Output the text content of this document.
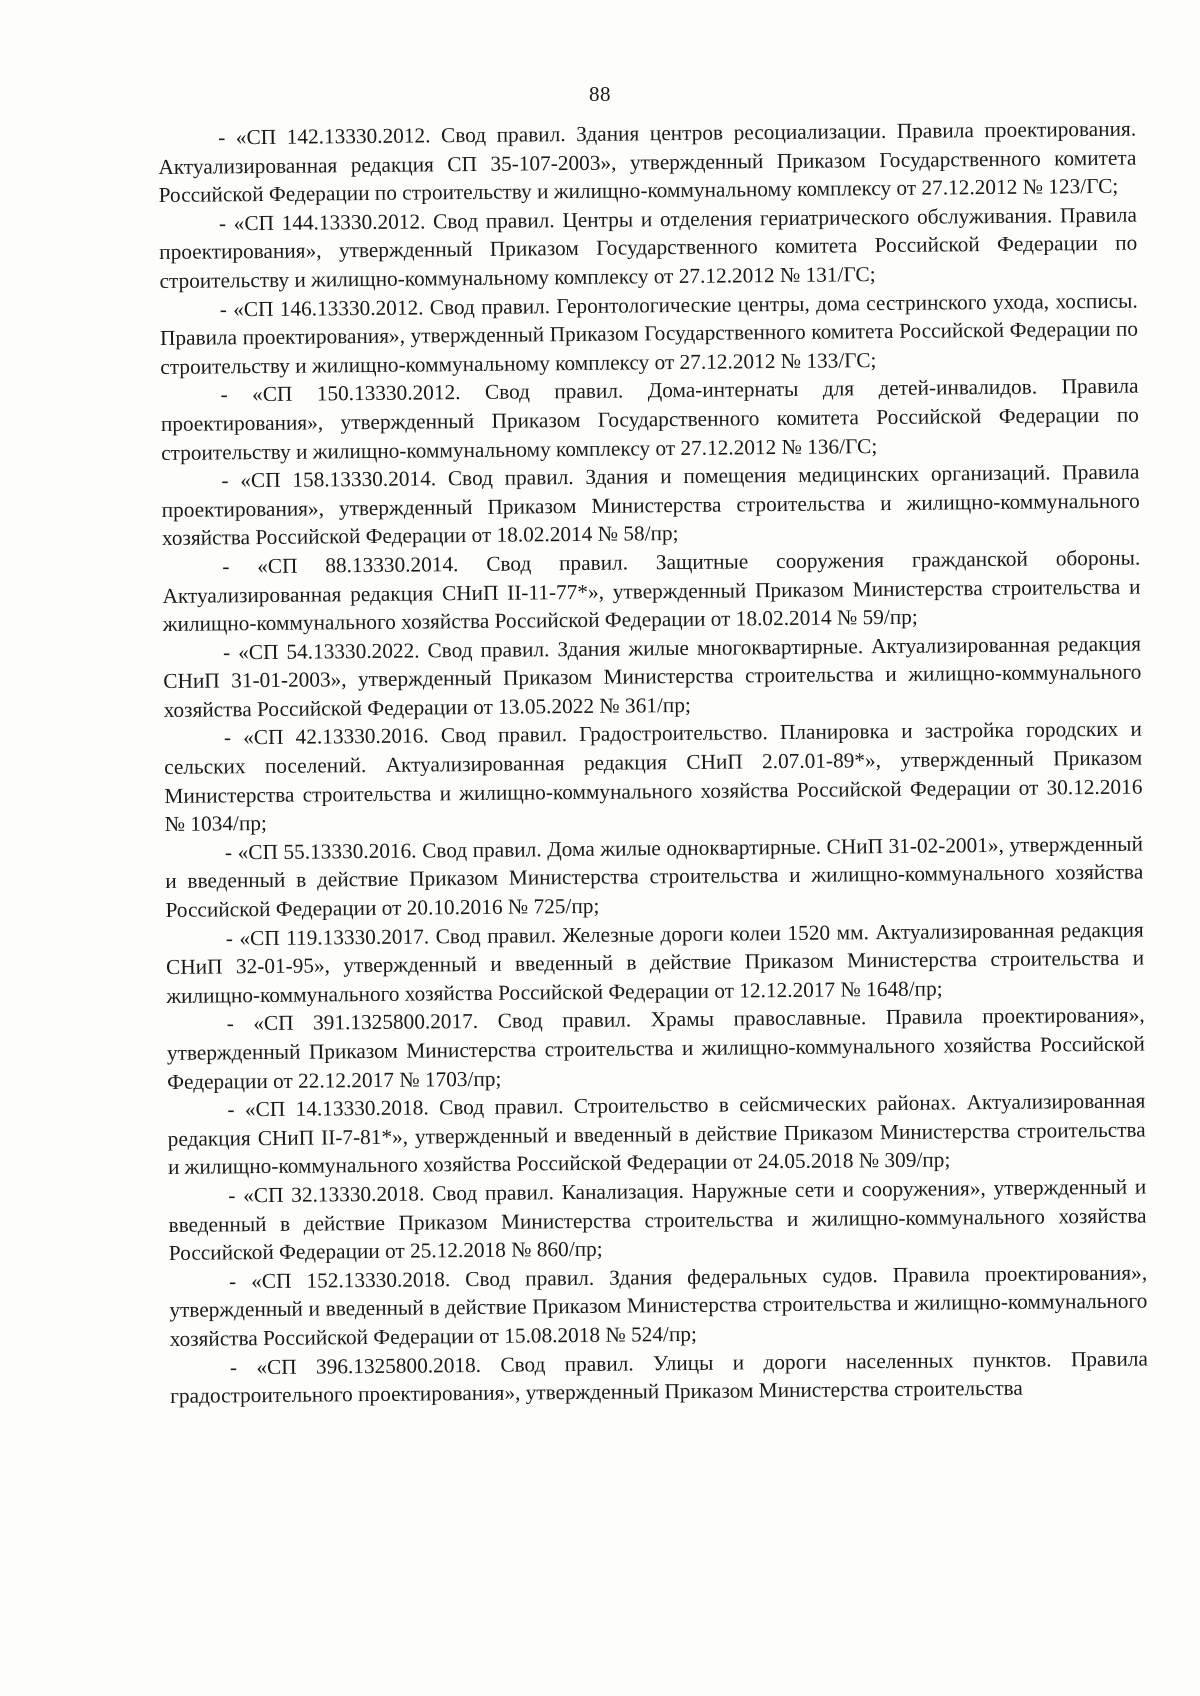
88

- «СП 142.13330.2012. Свод правил. Здания центров ресоциализации. Правила проектирования. Актуализированная редакция СП 35-107-2003», утвержденный Приказом Государственного комитета Российской Федерации по строительству и жилищно-коммунальному комплексу от 27.12.2012 № 123/ГС;

- «СП 144.13330.2012. Свод правил. Центры и отделения гериатрического обслуживания. Правила проектирования», утвержденный Приказом Государственного комитета Российской Федерации по строительству и жилищно-коммунальному комплексу от 27.12.2012 № 131/ГС;

- «СП 146.13330.2012. Свод правил. Геронтологические центры, дома сестринского ухода, хосписы. Правила проектирования», утвержденный Приказом Государственного комитета Российской Федерации по строительству и жилищно-коммунальному комплексу от 27.12.2012 № 133/ГС;

- «СП 150.13330.2012. Свод правил. Дома-интернаты для детей-инвалидов. Правила проектирования», утвержденный Приказом Государственного комитета Российской Федерации по строительству и жилищно-коммунальному комплексу от 27.12.2012 № 136/ГС;

- «СП 158.13330.2014. Свод правил. Здания и помещения медицинских организаций. Правила проектирования», утвержденный Приказом Министерства строительства и жилищно-коммунального хозяйства Российской Федерации от 18.02.2014 № 58/пр;

- «СП 88.13330.2014. Свод правил. Защитные сооружения гражданской обороны. Актуализированная редакция СНиП II-11-77*», утвержденный Приказом Министерства строительства и жилищно-коммунального хозяйства Российской Федерации от 18.02.2014 № 59/пр;

- «СП 54.13330.2022. Свод правил. Здания жилые многоквартирные. Актуализированная редакция СНиП 31-01-2003», утвержденный Приказом Министерства строительства и жилищно-коммунального хозяйства Российской Федерации от 13.05.2022 № 361/пр;

- «СП 42.13330.2016. Свод правил. Градостроительство. Планировка и застройка городских и сельских поселений. Актуализированная редакция СНиП 2.07.01-89*», утвержденный Приказом Министерства строительства и жилищно-коммунального хозяйства Российской Федерации от 30.12.2016 № 1034/пр;

- «СП 55.13330.2016. Свод правил. Дома жилые одноквартирные. СНиП 31-02-2001», утвержденный и введенный в действие Приказом Министерства строительства и жилищно-коммунального хозяйства Российской Федерации от 20.10.2016 № 725/пр;

- «СП 119.13330.2017. Свод правил. Железные дороги колеи 1520 мм. Актуализированная редакция СНиП 32-01-95», утвержденный и введенный в действие Приказом Министерства строительства и жилищно-коммунального хозяйства Российской Федерации от 12.12.2017 № 1648/пр;

- «СП 391.1325800.2017. Свод правил. Храмы православные. Правила проектирования», утвержденный Приказом Министерства строительства и жилищно-коммунального хозяйства Российской Федерации от 22.12.2017 № 1703/пр;

- «СП 14.13330.2018. Свод правил. Строительство в сейсмических районах. Актуализированная редакция СНиП II-7-81*», утвержденный и введенный в действие Приказом Министерства строительства и жилищно-коммунального хозяйства Российской Федерации от 24.05.2018 № 309/пр;

- «СП 32.13330.2018. Свод правил. Канализация. Наружные сети и сооружения», утвержденный и введенный в действие Приказом Министерства строительства и жилищно-коммунального хозяйства Российской Федерации от 25.12.2018 № 860/пр;

- «СП 152.13330.2018. Свод правил. Здания федеральных судов. Правила проектирования», утвержденный и введенный в действие Приказом Министерства строительства и жилищно-коммунального хозяйства Российской Федерации от 15.08.2018 № 524/пр;

- «СП 396.1325800.2018. Свод правил. Улицы и дороги населенных пунктов. Правила градостроительного проектирования», утвержденный Приказом Министерства строительства
